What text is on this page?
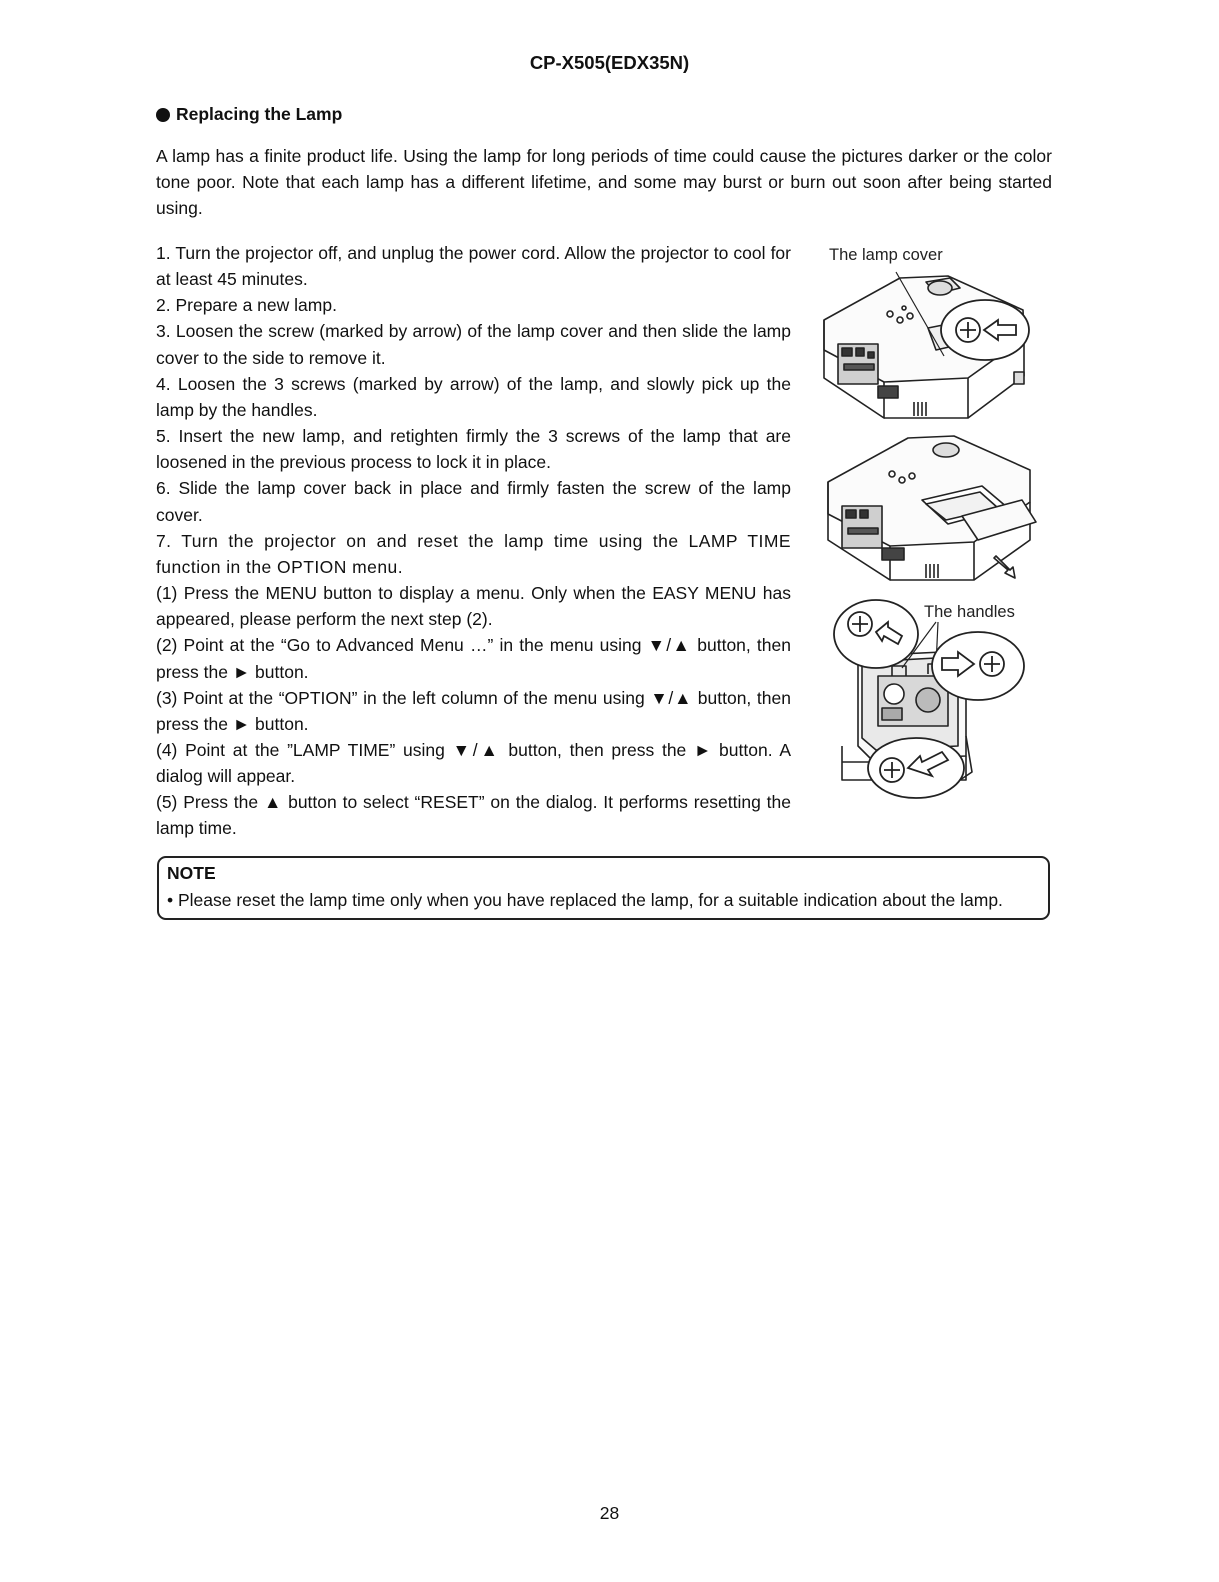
CP-X505(EDX35N)
Replacing the Lamp
A lamp has a finite product life. Using the lamp for long periods of time could cause the pictures darker or the color tone poor. Note that each lamp has a different lifetime, and some may burst or burn out soon after being started using.
1. Turn the projector off, and unplug the power cord. Allow the projector to cool for at least 45 minutes.
2. Prepare a new lamp.
3. Loosen the screw (marked by arrow) of the lamp cover and then slide the lamp cover to the side to remove it.
4. Loosen the 3 screws (marked by arrow) of the lamp, and slowly pick up the lamp by the handles.
5. Insert the new lamp, and retighten firmly the 3 screws of the lamp that are loosened in the previous process to lock it in place.
6. Slide the lamp cover back in place and firmly fasten the screw of the lamp cover.
7. Turn the projector on and reset the lamp time using the LAMP TIME function in the OPTION menu.
(1) Press the MENU button to display a menu. Only when the EASY MENU has appeared, please perform the next step (2).
(2) Point at the “Go to Advanced Menu …” in the menu using ▼/▲ button, then press the ► button.
(3) Point at the “OPTION” in the left column of the menu using ▼/▲ button, then press the ► button.
(4) Point at the ”LAMP TIME” using ▼/▲ button, then press the ► button. A dialog will appear.
(5) Press the ▲ button to select “RESET” on the dialog. It performs resetting the lamp time.
The lamp cover
The handles
NOTE
• Please reset the lamp time only when you have replaced the lamp, for a suitable indication about the lamp.
28
